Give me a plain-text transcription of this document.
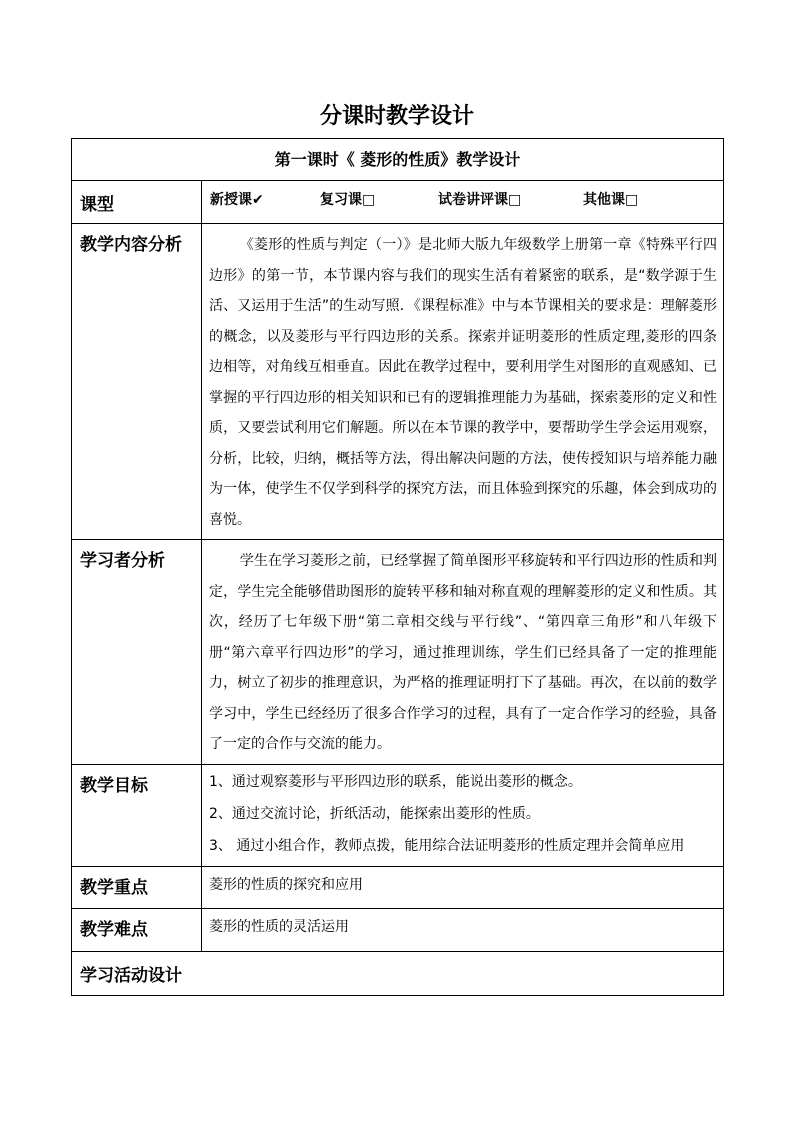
分课时教学设计
第一课时《 菱形的性质》教学设计	
课型	新授课✔ 复习课□ 试卷讲评课□ 其他课□

教学内容分析	《菱形的性质与判定（一）》是北师大版九年级数学上册第一章《特殊平行四边形》的第一节，本节课内容与我们的现实生活有着紧密的联系，是“数学源于生活、又运用于生活”的生动写照．《课程标准》中与本节课相关的要求是：理解菱形的概念，以及菱形与平行四边形的关系。探索并证明菱形的性质定理,菱形的四条边相等，对角线互相垂直。因此在教学过程中，要利用学生对图形的直观感知、已掌握的平行四边形的相关知识和已有的逻辑推理能力为基础，探索菱形的定义和性质，又要尝试利用它们解题。所以在本节课的教学中，要帮助学生学会运用观察，分析，比较，归纳，概括等方法，得出解决问题的方法，使传授知识与培养能力融为一体，使学生不仅学到科学的探究方法，而且体验到探究的乐趣，体会到成功的喜悦。

学习者分析	学生在学习菱形之前，已经掌握了简单图形平移旋转和平行四边形的性质和判定，学生完全能够借助图形的旋转平移和轴对称直观的理解菱形的定义和性质。其次，经历了七年级下册“第二章相交线与平行线”、“第四章三角形”和八年级下册“第六章平行四边形”的学习，通过推理训练，学生们已经具备了一定的推理能力，树立了初步的推理意识，为严格的推理证明打下了基础。再次，在以前的数学学习中，学生已经经历了很多合作学习的过程，具有了一定合作学习的经验，具备了一定的合作与交流的能力。

教学目标	1、通过观察菱形与平形四边形的联系，能说出菱形的概念。

2、通过交流讨论，折纸活动，能探索出菱形的性质。

3、 通过小组合作，教师点拨，能用综合法证明菱形的性质定理并会简单应用

教学重点	菱形的性质的探究和应用
教学难点	菱形的性质的灵活运用
学习活动设计	
